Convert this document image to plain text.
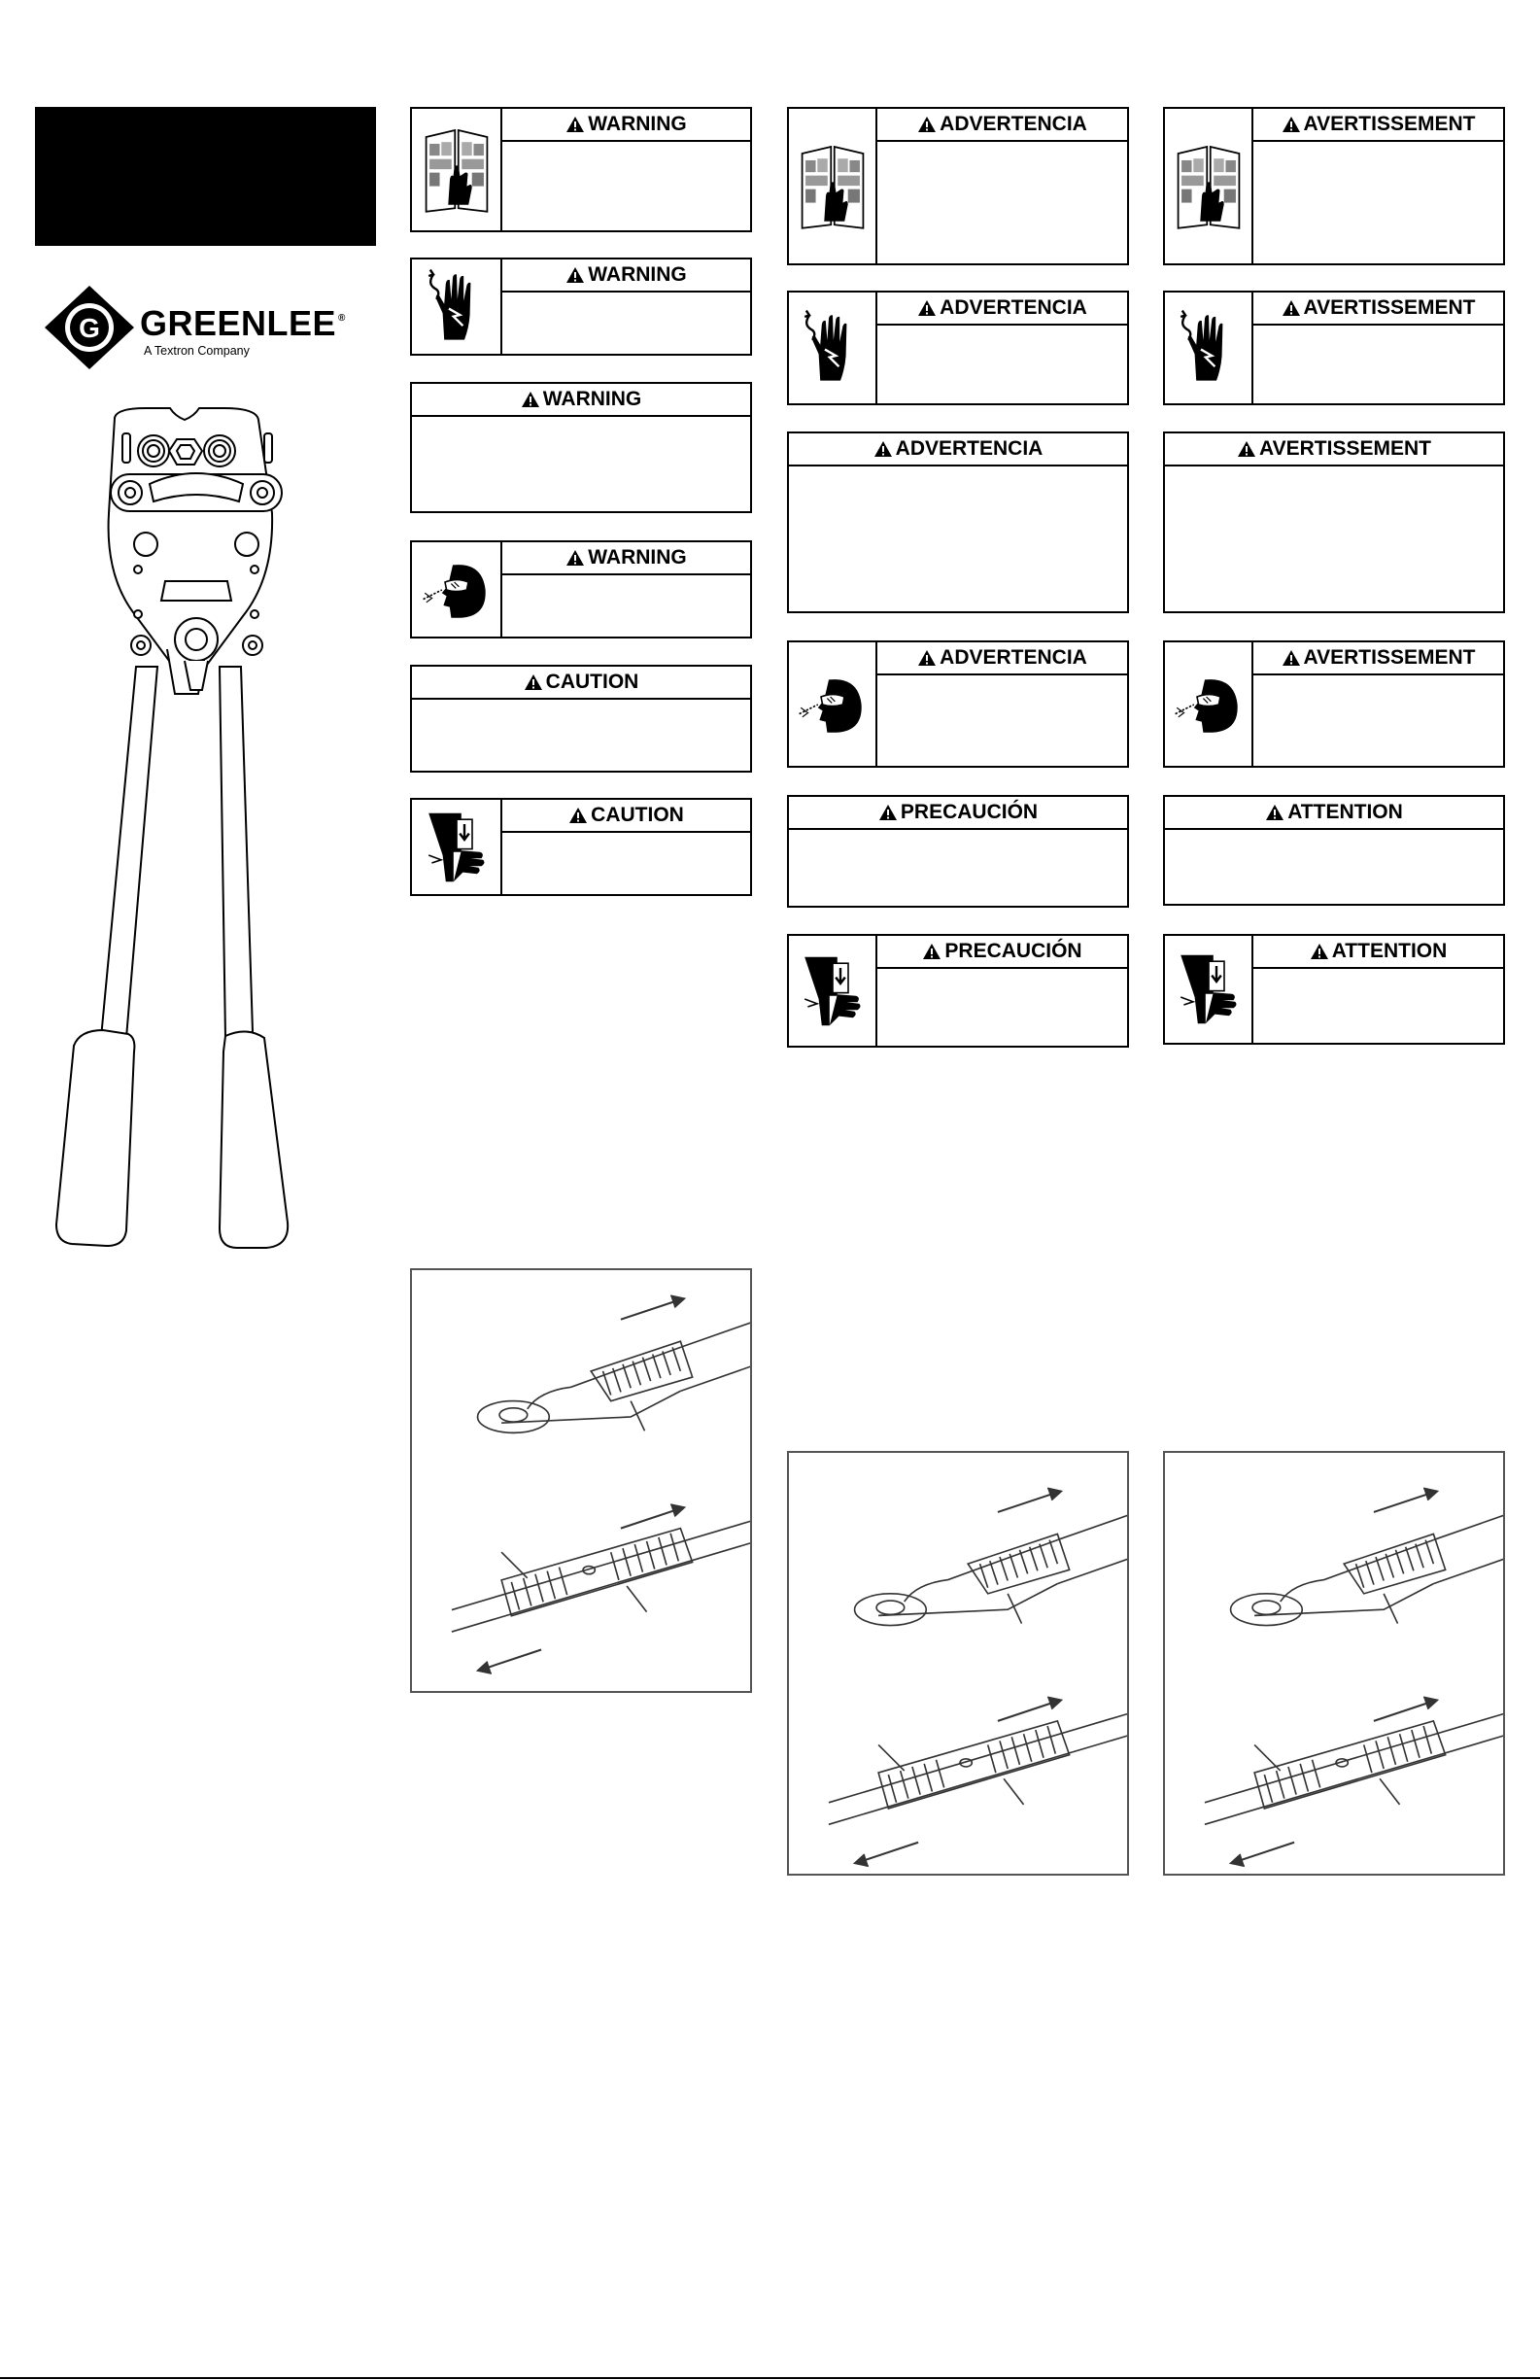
G GREENLEE ®
A Textron Company
WARNING
WARNING
WARNING
WARNING
CAUTION
CAUTION
ADVERTENCIA
ADVERTENCIA
ADVERTENCIA
ADVERTENCIA
PRECAUCIÓN
PRECAUCIÓN
AVERTISSEMENT
AVERTISSEMENT
AVERTISSEMENT
AVERTISSEMENT
ATTENTION
ATTENTION
